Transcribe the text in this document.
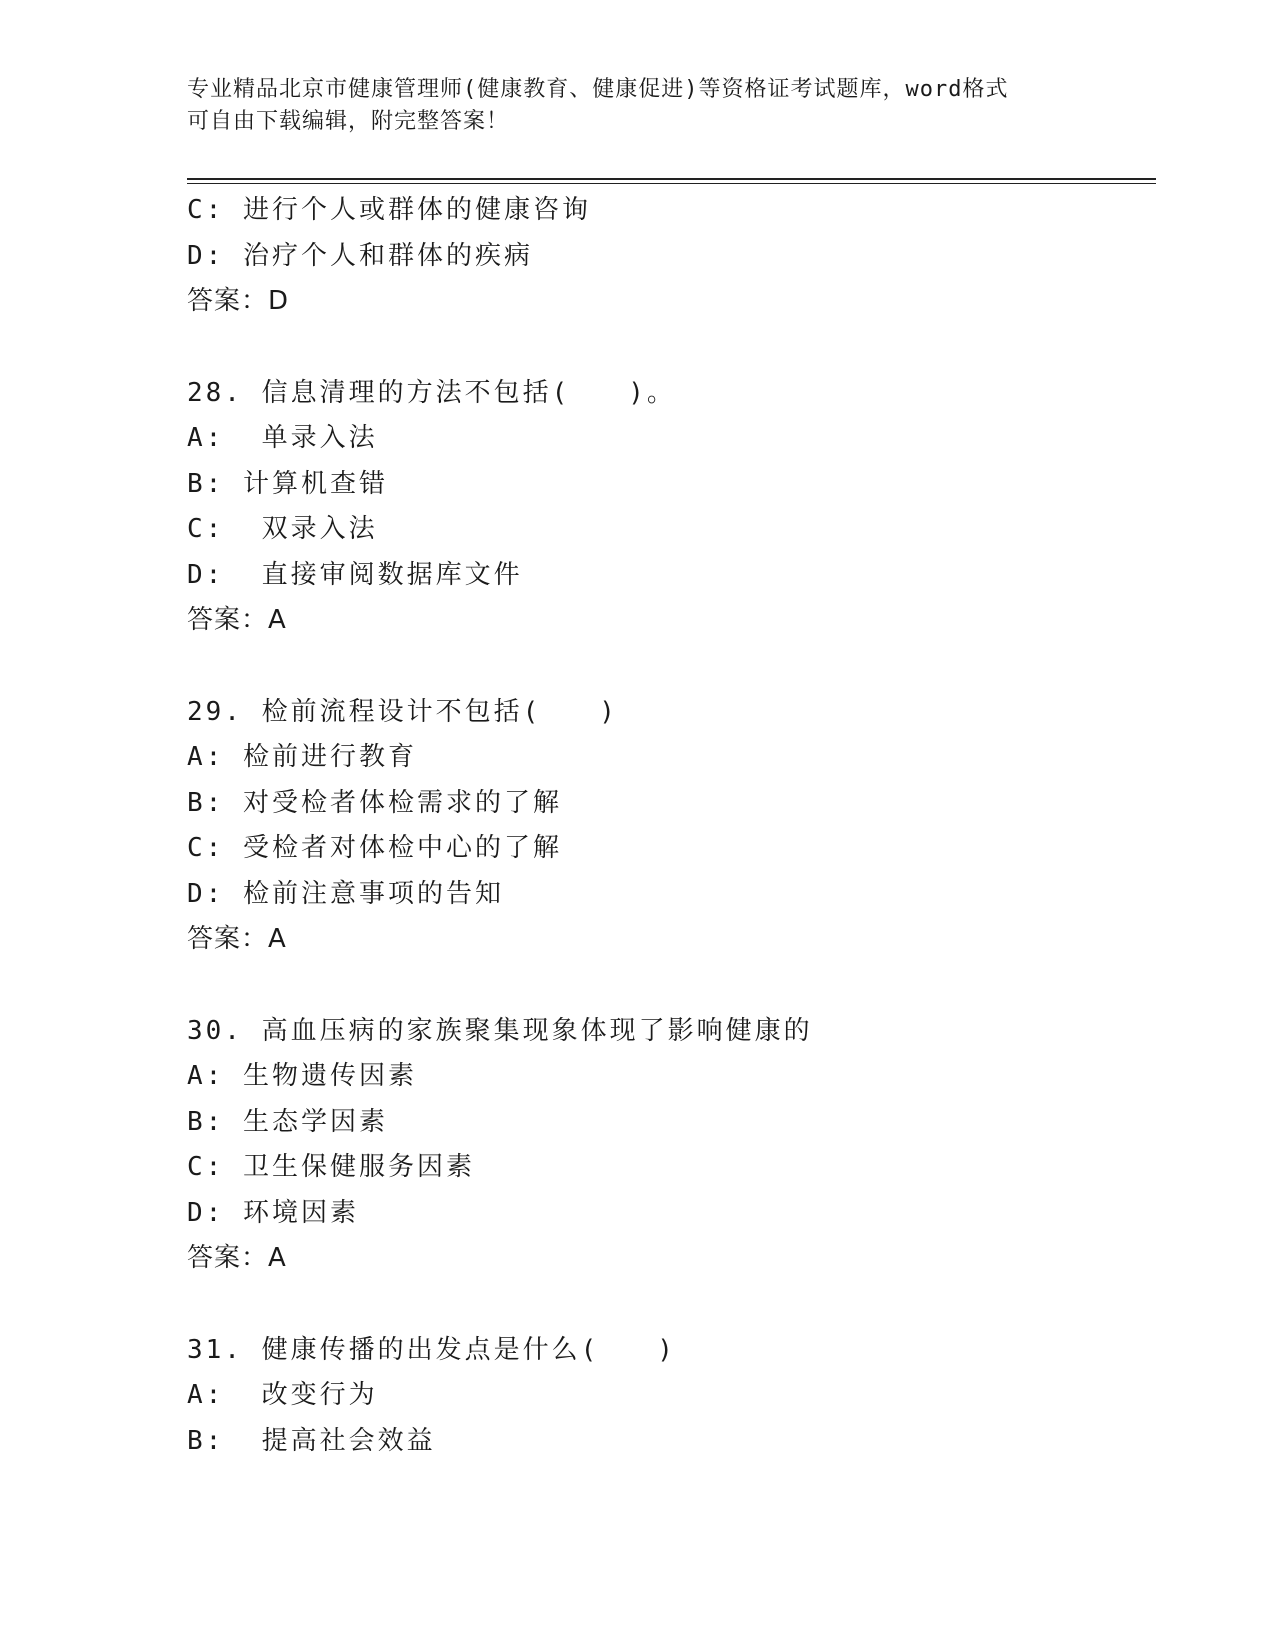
专业精品北京市健康管理师(健康教育、健康促进)等资格证考试题库，word格式
可自由下载编辑，附完整答案！
C: 进行个人或群体的健康咨询
D: 治疗个人和群体的疾病
答案：D
28. 信息清理的方法不包括(　　)。
A:  单录入法
B: 计算机查错
C:  双录入法
D:  直接审阅数据库文件
答案：A
29. 检前流程设计不包括(　　)
A: 检前进行教育
B: 对受检者体检需求的了解
C: 受检者对体检中心的了解
D: 检前注意事项的告知
答案：A
30. 高血压病的家族聚集现象体现了影响健康的
A: 生物遗传因素
B: 生态学因素
C: 卫生保健服务因素
D: 环境因素
答案：A
31. 健康传播的出发点是什么(　　)
A:  改变行为
B:  提高社会效益
